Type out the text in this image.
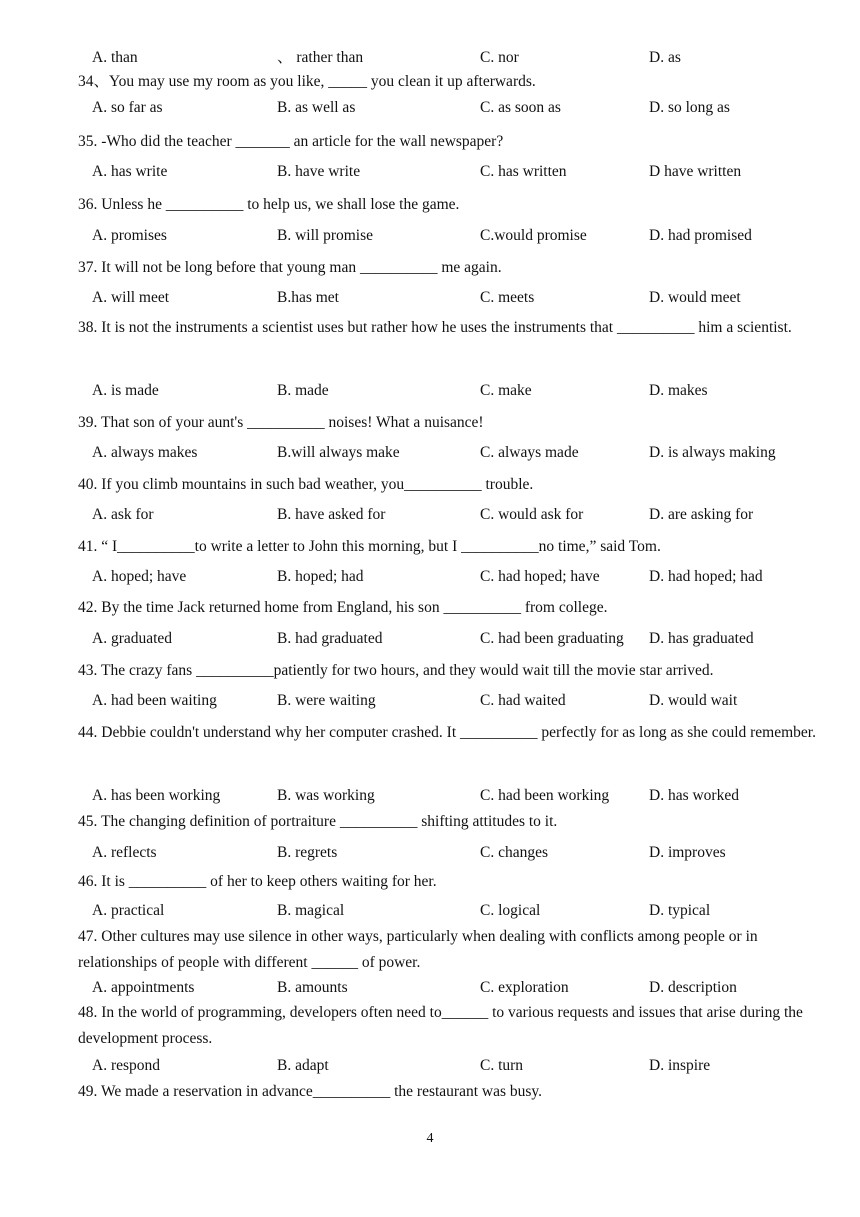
A. than	、 rather than	C. nor	D. as
34、You may use my room as you like, _____ you clean it up afterwards.
A. so far as	B. as well as	C. as soon as	D. so long as
35. -Who did the teacher _______ an article for the wall newspaper?
A. has write	B. have write	C. has written	D have written
36. Unless he __________ to help us, we shall lose the game.
A. promises	B. will promise	C.would promise	D. had promised
37. It will not be long before that young man __________ me again.
A. will meet	B.has met	C. meets	D. would meet
38. It is not the instruments a scientist uses but rather how he uses the instruments that __________ him a scientist.
A. is made	B. made	C. make	D. makes
39. That son of your aunt's __________ noises! What a nuisance!
A. always makes	B.will always make	C. always made	D. is always making
40. If you climb mountains in such bad weather, you__________ trouble.
A. ask for	B. have asked for	C. would ask for	D. are asking for
41. “ I__________to write a letter to John this morning, but I __________no time,” said Tom.
A. hoped; have	B. hoped; had	C. had hoped; have	D. had hoped; had
42. By the time Jack returned home from England, his son __________ from college.
A. graduated	B. had graduated	C. had been graduating D. has graduated
43. The crazy fans __________patiently for two hours, and they would wait till the movie star arrived.
A. had been waiting	B. were waiting	C. had waited	D. would wait
44. Debbie couldn't understand why her computer crashed. It __________ perfectly for as long as she could remember.
A. has been working	B. was working	C. had been working	D. has worked
45. The changing definition of portraiture __________ shifting attitudes to it.
A. reflects	B. regrets	C. changes	D. improves
46. It is __________ of her to keep others waiting for her.
A. practical	B. magical	C. logical	D. typical
47. Other cultures may use silence in other ways, particularly when dealing with conflicts among people or in relationships of people with different ______ of power.
A. appointments	B. amounts	C. exploration	D. description
48. In the world of programming, developers often need to______ to various requests and issues that arise during the development process.
A. respond	B. adapt	C. turn	D. inspire
49. We made a reservation in advance__________ the restaurant was busy.
4
